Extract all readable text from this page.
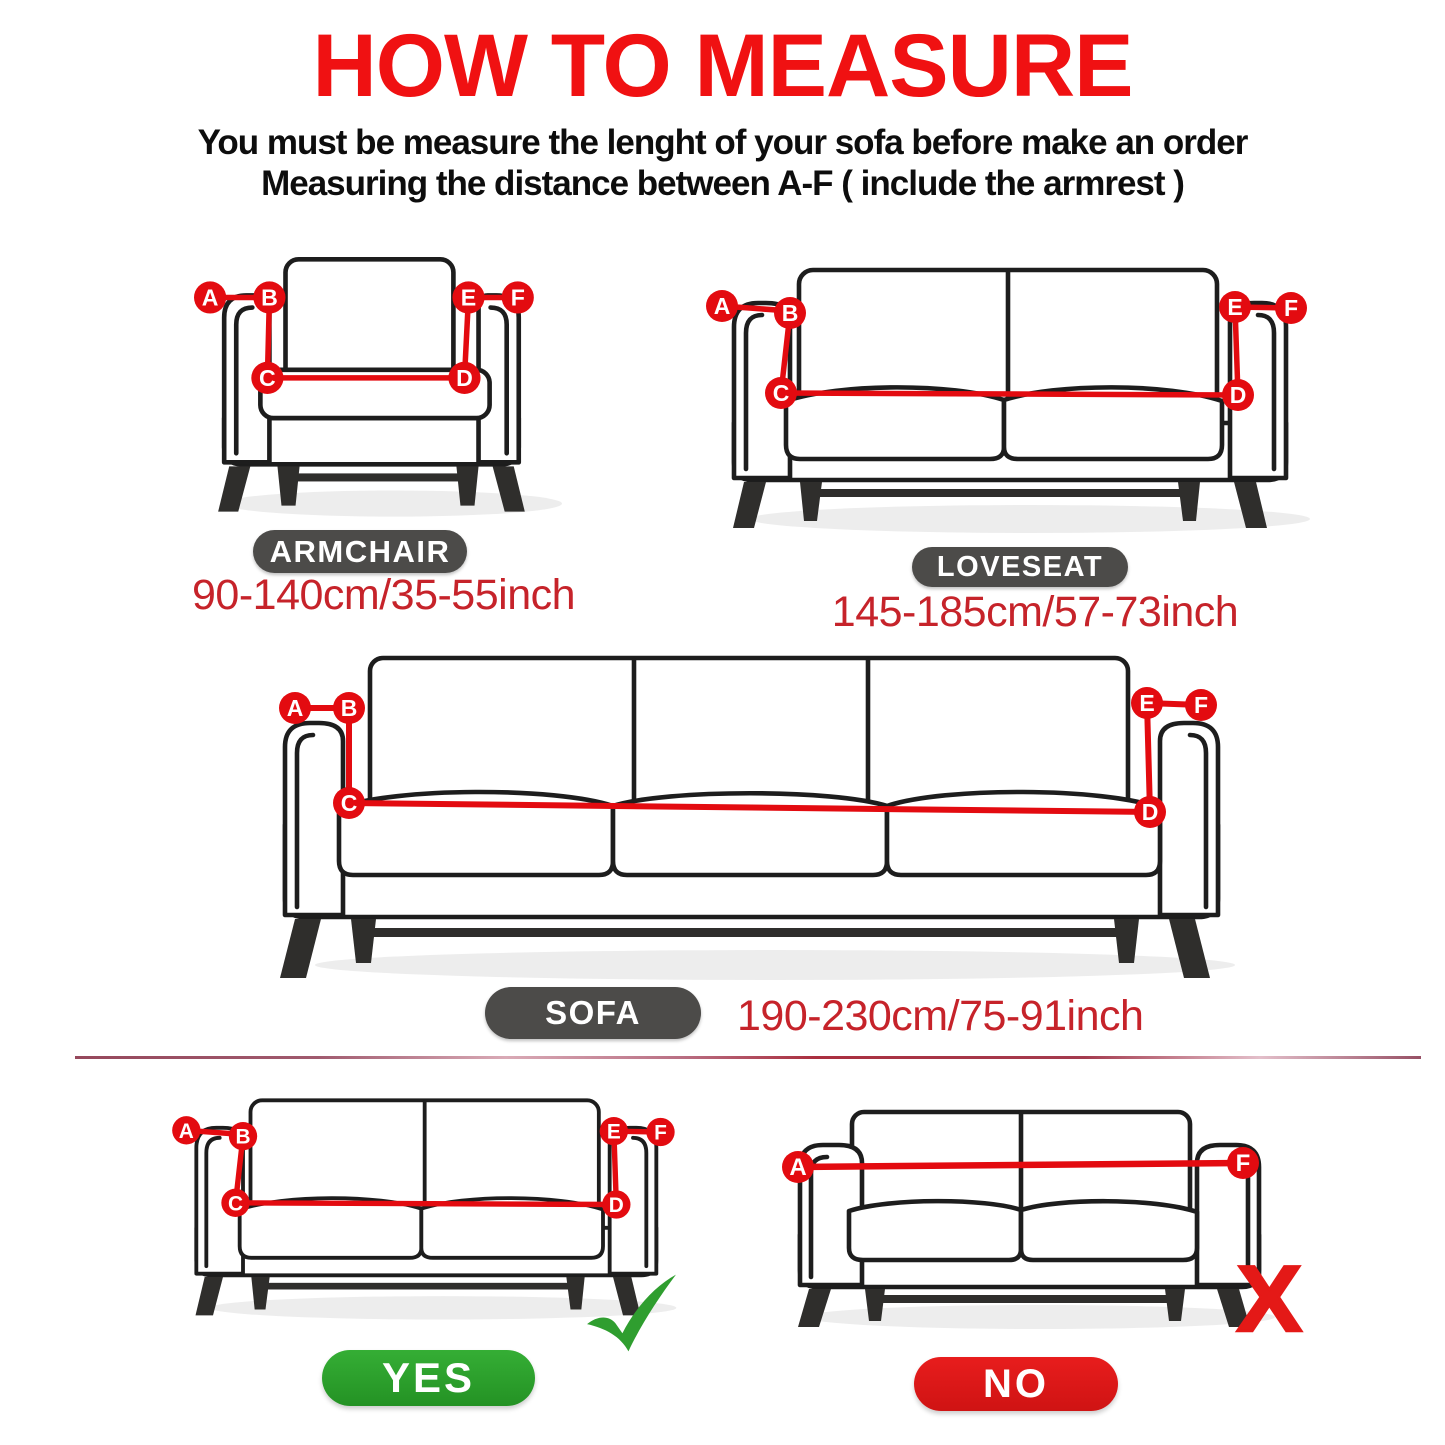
HOW TO MEASURE
You must be measure the lenght of your sofa before make an order
Measuring the distance between A-F ( include the armrest )
A B
C	D
E F
ARMCHAIR
90-140cm/35-55inch
A B
C	D
E F
LOVESEAT
145-185cm/57-73inch
A B
C	D
E F
SOFA	190-230cm/75-91inch
A B
C	D
E F
YES
A	F
X
NO
